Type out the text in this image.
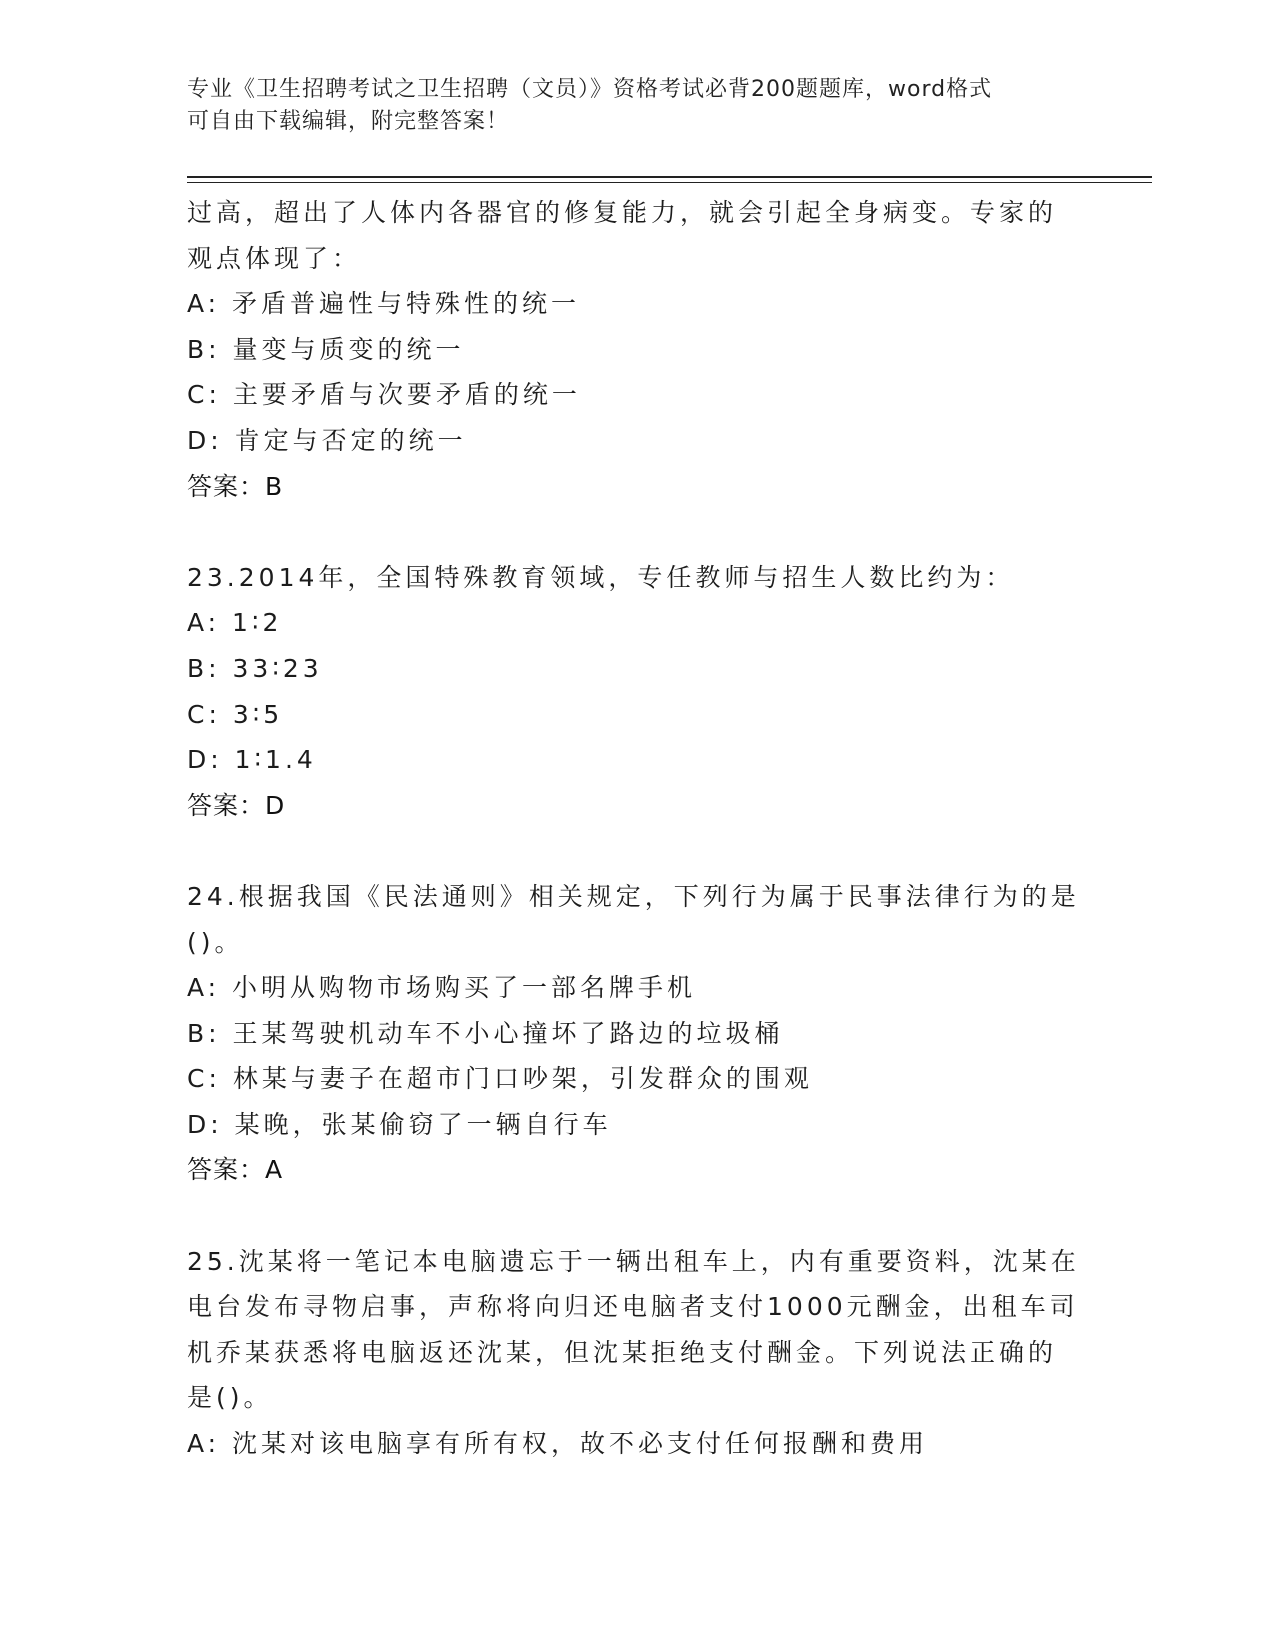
专业《卫生招聘考试之卫生招聘（文员）》资格考试必背200题题库，word格式
可自由下载编辑，附完整答案！
过高，超出了人体内各器官的修复能力，就会引起全身病变。专家的
观点体现了：
A: 矛盾普遍性与特殊性的统一
B: 量变与质变的统一
C: 主要矛盾与次要矛盾的统一
D: 肯定与否定的统一
答案：B
23.2014年，全国特殊教育领域，专任教师与招生人数比约为：
A: 1∶2
B: 33∶23
C: 3∶5
D: 1∶1.4
答案：D
24.根据我国《民法通则》相关规定，下列行为属于民事法律行为的是
()。
A: 小明从购物市场购买了一部名牌手机
B: 王某驾驶机动车不小心撞坏了路边的垃圾桶
C: 林某与妻子在超市门口吵架，引发群众的围观
D: 某晚，张某偷窃了一辆自行车
答案：A
25.沈某将一笔记本电脑遗忘于一辆出租车上，内有重要资料，沈某在
电台发布寻物启事，声称将向归还电脑者支付1000元酬金，出租车司
机乔某获悉将电脑返还沈某，但沈某拒绝支付酬金。下列说法正确的
是()。
A: 沈某对该电脑享有所有权，故不必支付任何报酬和费用
